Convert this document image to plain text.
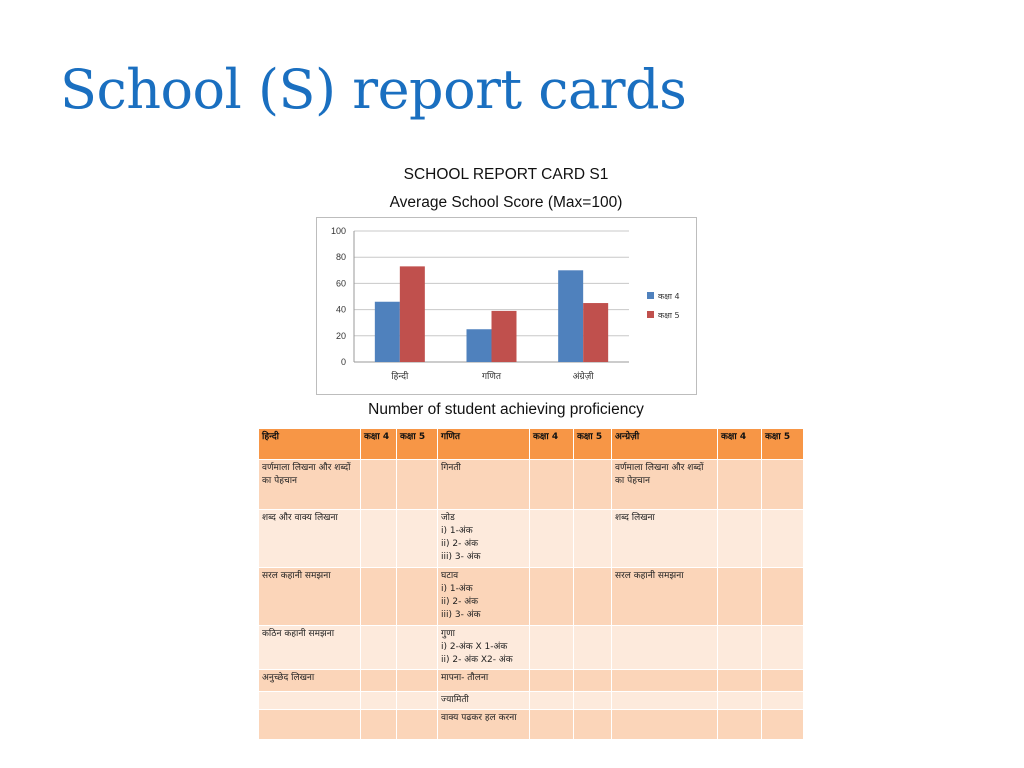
School (S) report cards
SCHOOL REPORT CARD S1
Average School Score (Max=100)
0
20
40
60
80
100
हिन्दी	गणित	अंग्रेज़ी
कक्षा 4
कक्षा 5
Number of student achieving proficiency
हिन्दी	कक्षा 4	कक्षा 5	गणित	कक्षा 4	कक्षा 5	अन्ग्रेज़ी	कक्षा 4	कक्षा 5
वर्णमाला लिखना और शब्दों का पेहचान			गिनती			वर्णमाला लिखना और शब्दों का पेहचान		
शब्द और वाक्य लिखना			जोड
i) 1-अंक
ii) 2- अंक
iii) 3- अंक			शब्द लिखना		
सरल कहानी समझना			घटाव
i) 1-अंक
ii) 2- अंक
iii) 3- अंक			सरल कहानी समझना		
कठिन कहानी समझना			गुणा
i) 2-अंक X 1-अंक
ii) 2- अंक X2- अंक					
अनुच्छेद लिखना			मापना- तौलना					
			ज्यामिती					
			वाक्य पढकर हल करना					
